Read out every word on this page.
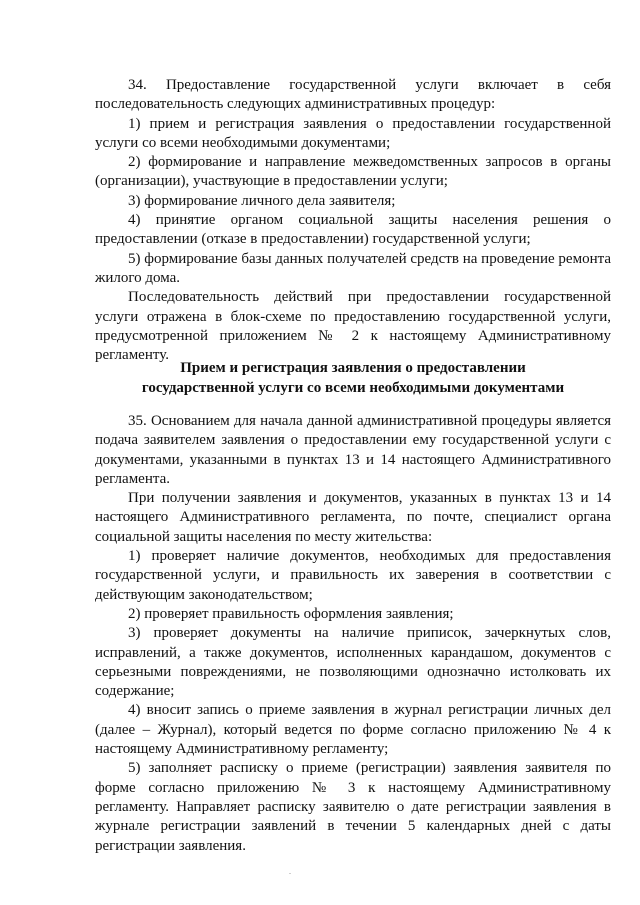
34. Предоставление государственной услуги включает в себя последовательность следующих административных процедур:

1) прием и регистрация заявления о предоставлении государственной услуги со всеми необходимыми документами;

2) формирование и направление межведомственных запросов в органы (организации), участвующие в предоставлении услуги;

3) формирование личного дела заявителя;

4) принятие органом социальной защиты населения решения о предоставлении (отказе в предоставлении) государственной услуги;

5) формирование базы данных получателей средств на проведение ремонта жилого дома.

Последовательность действий при предоставлении государственной услуги отражена в блок-схеме по предоставлению государственной услуги, предусмотренной приложением № 2 к настоящему Административному регламенту.

Прием и регистрация заявления о предоставлении
государственной услуги со всеми необходимыми документами

35. Основанием для начала данной административной процедуры является подача заявителем заявления о предоставлении ему государственной услуги с документами, указанными в пунктах 13 и 14 настоящего Административного регламента.

При получении заявления и документов, указанных в пунктах 13 и 14 настоящего Административного регламента, по почте, специалист органа социальной защиты населения по месту жительства:

1) проверяет наличие документов, необходимых для предоставления государственной услуги, и правильность их заверения в соответствии с действующим законодательством;

2) проверяет правильность оформления заявления;

3) проверяет документы на наличие приписок, зачеркнутых слов, исправлений, а также документов, исполненных карандашом, документов с серьезными повреждениями, не позволяющими однозначно истолковать их содержание;

4) вносит запись о приеме заявления в журнал регистрации личных дел (далее – Журнал), который ведется по форме согласно приложению № 4 к настоящему Административному регламенту;

5) заполняет расписку о приеме (регистрации) заявления заявителя по форме согласно приложению № 3 к настоящему Административному регламенту. Направляет расписку заявителю о дате регистрации заявления в журнале регистрации заявлений в течении 5 календарных дней с даты регистрации заявления.
